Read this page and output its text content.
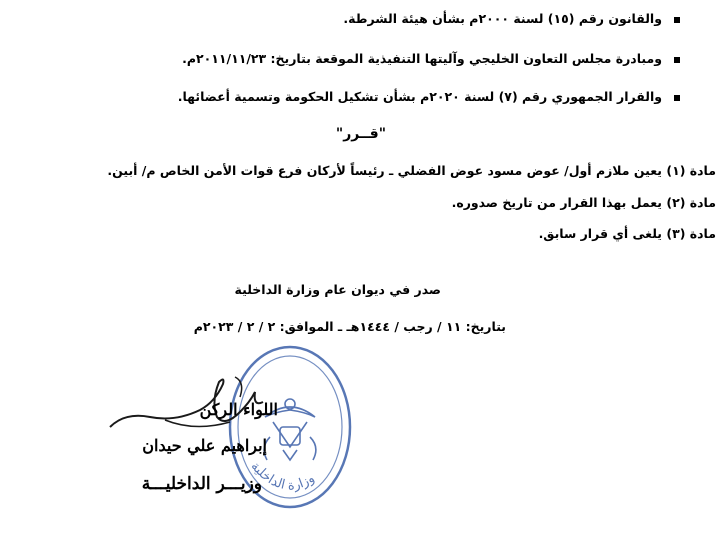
والقانون رقم (١٥) لسنة ٢٠٠٠م بشأن هيئة الشرطة.
ومبادرة مجلس التعاون الخليجي وآليتها التنفيذية الموقعة بتاريخ: ٢٠١١/١١/٢٣م.
والقرار الجمهوري رقم (٧) لسنة ٢٠٢٠م بشأن تشكيل الحكومة وتسمية أعضائها.
"قــرر"
مادة (١) يعين ملازم أول/ عوض مسود عوض الفضلي ـ رئيساً لأركان فرع قوات الأمن الخاص م/ أبين.
مادة (٢) يعمل بهذا القرار من تاريخ صدوره.
مادة (٣) يلغى أي قرار سابق.
صدر في ديوان عام وزارة الداخلية
بتاريخ: ١١ / رجب / ١٤٤٤هـ ـ الموافق: ٢ / ٢ / ٢٠٢٣م
وزارة الداخلية
اللواء الركن
إبراهيم علي حيدان
وزيـــر الداخليـــة
